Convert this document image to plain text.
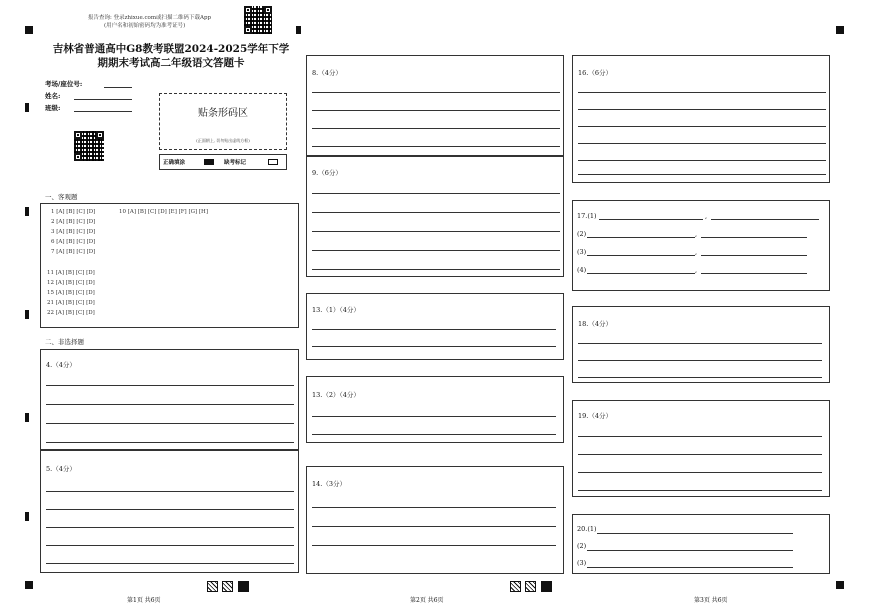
报告查询: 登录zhixue.com或扫描二维码下载App
(用户名和初始密码均为准考证号)
吉林省普通高中G8教考联盟2024-2025学年下学
期期末考试高二年级语文答题卡
考场/座位号:
姓名:
班级:	贴条形码区
(正面朝上, 切勿贴出虚线方框)
正确填涂	缺考标记
一、客观题
1 [A] [B] [C] [D]
2 [A] [B] [C] [D]
3 [A] [B] [C] [D]
6 [A] [B] [C] [D]
7 [A] [B] [C] [D]
11 [A] [B] [C] [D]
12 [A] [B] [C] [D]
15 [A] [B] [C] [D]
21 [A] [B] [C] [D]
22 [A] [B] [C] [D]
10 [A] [B] [C] [D] [E] [F] [G] [H]
二、非选择题
4.（4分）
5.（4分）
8.（4分）
9.（6分）
13.（1）（4分）
13.（2）（4分）
14.（3分）
16.（6分）
17.(1)	,
(2)	,
(3)	,
(4)	,
18.（4分）
19.（4分）
20.(1)
(2)
(3)
第1页 共6页	第2页 共6页	第3页 共6页
